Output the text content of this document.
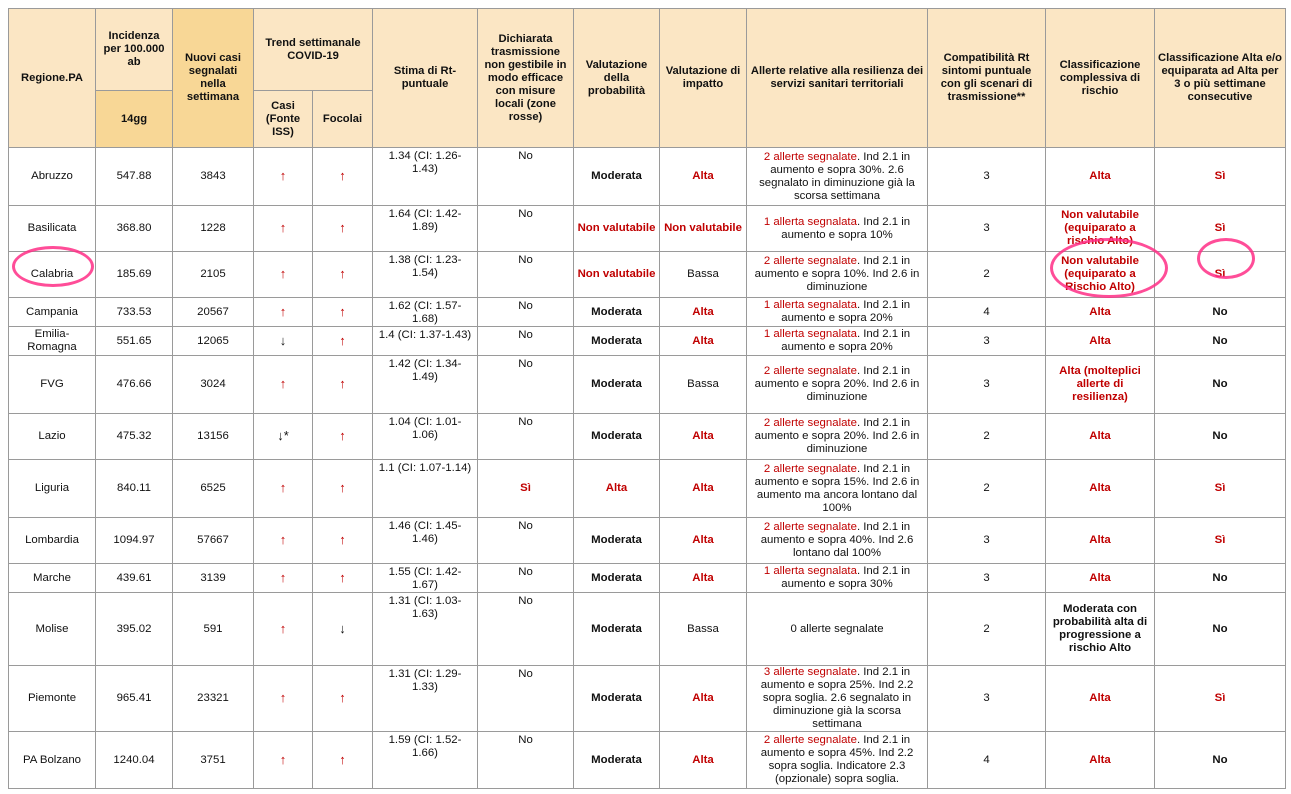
Regione.PA	Incidenza per 100.000 ab	Nuovi casi segnalati nella settimana	Trend settimanale COVID-19		Stima di Rt-puntuale	Dichiarata trasmissione non gestibile in modo efficace con misure locali (zone rosse)	Valutazione della probabilità	Valutazione di impatto	Allerte relative alla resilienza dei servizi sanitari territoriali	Compatibilità Rt sintomi puntuale con gli scenari di trasmissione**	Classificazione complessiva di rischio	Classificazione Alta e/o equiparata ad Alta per 3 o più settimane consecutive
	14gg		Casi (Fonte ISS)	Focolai								
Abruzzo	547.88	3843	↑	↑	1.34 (CI: 1.26-1.43)	No	Moderata	Alta	2 allerte segnalate. Ind 2.1 in aumento e sopra 30%. 2.6 segnalato in diminuzione già la scorsa settimana	3	Alta	Sì
Basilicata	368.80	1228	↑	↑	1.64 (CI: 1.42-1.89)	No	Non valutabile	Non valutabile	1 allerta segnalata. Ind 2.1 in aumento e sopra 10%	3	Non valutabile (equiparato a rischio Alto)	Sì
Calabria	185.69	2105	↑	↑	1.38 (CI: 1.23-1.54)	No	Non valutabile	Bassa	2 allerte segnalate. Ind 2.1 in aumento e sopra 10%. Ind 2.6 in diminuzione	2	Non valutabile (equiparato a Rischio Alto)	Sì
Campania	733.53	20567	↑	↑	1.62 (CI: 1.57-1.68)	No	Moderata	Alta	1 allerta segnalata. Ind 2.1 in aumento e sopra 20%	4	Alta	No
Emilia-Romagna	551.65	12065	↓	↑	1.4 (CI: 1.37-1.43)	No	Moderata	Alta	1 allerta segnalata. Ind 2.1 in aumento e sopra 20%	3	Alta	No
FVG	476.66	3024	↑	↑	1.42 (CI: 1.34-1.49)	No	Moderata	Bassa	2 allerte segnalate. Ind 2.1 in aumento e sopra 20%. Ind 2.6 in diminuzione	3	Alta (molteplici allerte di resilienza)	No
Lazio	475.32	13156	↓*	↑	1.04 (CI: 1.01-1.06)	No	Moderata	Alta	2 allerte segnalate. Ind 2.1 in aumento e sopra 20%. Ind 2.6 in diminuzione	2	Alta	No
Liguria	840.11	6525	↑	↑	1.1 (CI: 1.07-1.14)	Sì	Alta	Alta	2 allerte segnalate. Ind 2.1 in aumento e sopra 15%. Ind 2.6 in aumento ma ancora lontano dal 100%	2	Alta	Sì
Lombardia	1094.97	57667	↑	↑	1.46 (CI: 1.45-1.46)	No	Moderata	Alta	2 allerte segnalate. Ind 2.1 in aumento e sopra 40%. Ind 2.6 lontano dal 100%	3	Alta	Sì
Marche	439.61	3139	↑	↑	1.55 (CI: 1.42-1.67)	No	Moderata	Alta	1 allerta segnalata. Ind 2.1 in aumento e sopra 30%	3	Alta	No
Molise	395.02	591	↑	↓	1.31 (CI: 1.03-1.63)	No	Moderata	Bassa	0 allerte segnalate	2	Moderata con probabilità alta di progressione a rischio Alto	No
Piemonte	965.41	23321	↑	↑	1.31 (CI: 1.29-1.33)	No	Moderata	Alta	3 allerte segnalate. Ind 2.1 in aumento e sopra 25%. Ind 2.2 sopra soglia. 2.6 segnalato in diminuzione già la scorsa settimana	3	Alta	Sì
PA Bolzano	1240.04	3751	↑	↑	1.59 (CI: 1.52-1.66)	No	Moderata	Alta	2 allerte segnalate. Ind 2.1 in aumento e sopra 45%. Ind 2.2 sopra soglia. Indicatore 2.3 (opzionale) sopra soglia.	4	Alta	No
